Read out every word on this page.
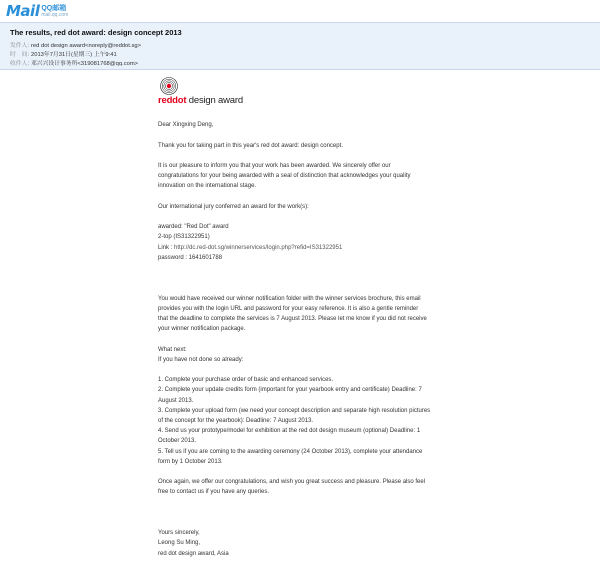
Mail QQ邮箱
mail.qq.com
The results, red dot award: design concept 2013
发件人：red dot design award<noreply@reddot.sg>
时　间：2013年7月31日(星期三) 上午9:41
收件人：邓兴兴设计事务所<319081768@qq.com>
reddot design award

Dear Xingxing Deng,

Thank you for taking part in this year's red dot award: design concept.

It is our pleasure to inform you that your work has been awarded. We sincerely offer our
congratulations for your being awarded with a seal of distinction that acknowledges your quality
innovation on the international stage.

Our international jury conferred an award for the work(s):

awarded: "Red Dot" award

2-top (IS31322951)

Link : http://dc.red-dot.sg/winnerservices/login.php?refid=IS31322951

password : 1641601788

You would have received our winner notification folder with the winner services brochure, this email
provides you with the login URL and password for your easy reference. It is also a gentle reminder
that the deadline to complete the services is 7 August 2013. Please let me know if you did not receive
your winner notification package.

What next:

If you have not done so already:

1. Complete your purchase order of basic and enhanced services.

2. Complete your update credits form (important for your yearbook entry and certificate) Deadline: 7
August 2013.

3. Complete your upload form (we need your concept description and separate high resolution pictures
of the concept for the yearbook): Deadline: 7 August 2013.

4. Send us your prototype/model for exhibition at the red dot design museum (optional) Deadline: 1
October 2013.

5. Tell us if you are coming to the awarding ceremony (24 October 2013), complete your attendance
form by 1 October 2013.

Once again, we offer our congratulations, and wish you great success and pleasure. Please also feel
free to contact us if you have any queries.

Yours sincerely,

Leong Su Ming,

red dot design award, Asia
